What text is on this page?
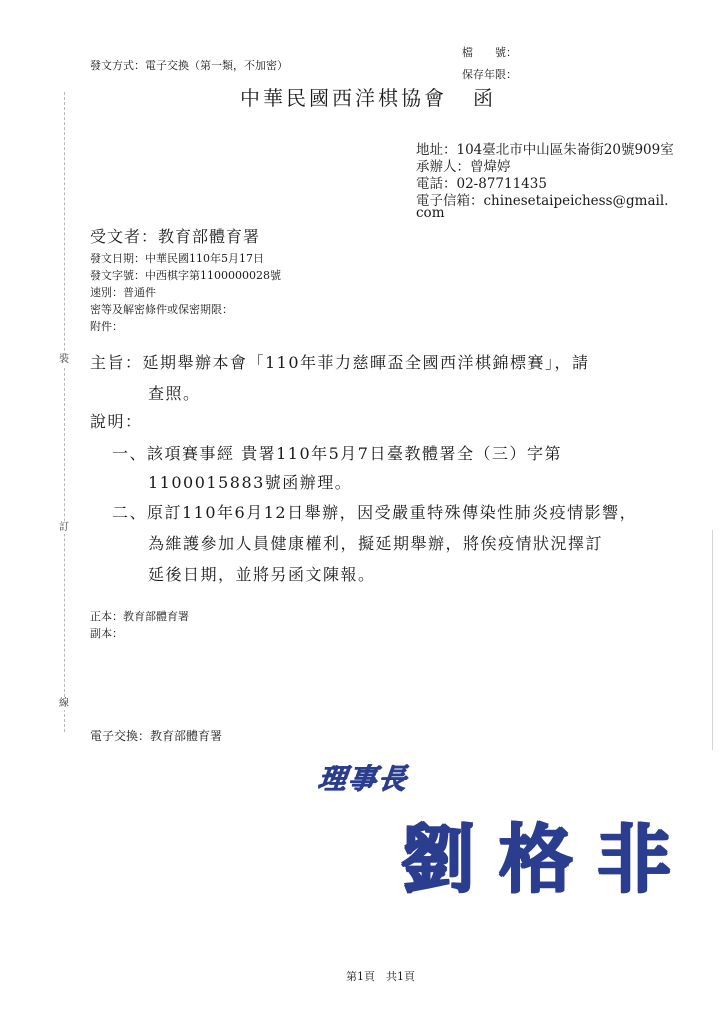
裝
訂
線
檔　　號：
發文方式：電子交換（第一類，不加密）
保存年限：
中華民國西洋棋協會 函
地址：104臺北市中山區朱崙街20號909室
承辦人：曾煒婷
電話：02-87711435
電子信箱：chinesetaipeichess@gmail.
com
受文者：教育部體育署
發文日期：中華民國110年5月17日
發文字號：中西棋字第1100000028號
速別：普通件
密等及解密條件或保密期限：
附件：
主旨：延期舉辦本會「110年菲力慈暉盃全國西洋棋錦標賽」，請
查照。
說明：
一、該項賽事經 貴署110年5月7日臺教體署全（三）字第
1100015883號函辦理。
二、原訂110年6月12日舉辦，因受嚴重特殊傳染性肺炎疫情影響，
為維護參加人員健康權利，擬延期舉辦，將俟疫情狀況擇訂
延後日期，並將另函文陳報。
正本：教育部體育署
副本：
電子交換：教育部體育署
理事長
劉格非
第1頁　共1頁
